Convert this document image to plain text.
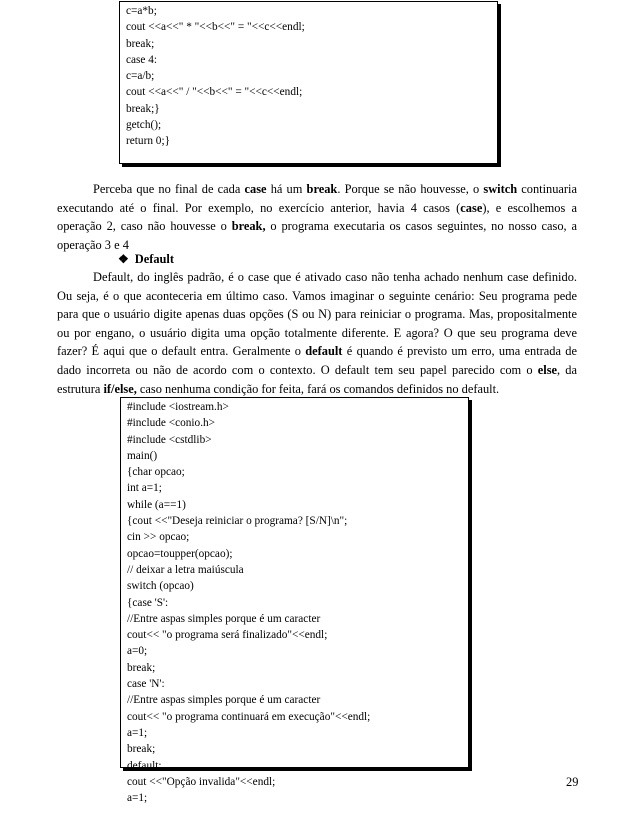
c=a*b;
cout <<a<<" * "<<b<<" = "<<c<<endl;
break;
case 4:
c=a/b;
cout <<a<<" / "<<b<<" = "<<c<<endl;
break;}
getch();
return 0;}

Perceba que no final de cada case há um break. Porque se não houvesse, o switch continuaria executando até o final. Por exemplo, no exercício anterior, havia 4 casos (case), e escolhemos a operação 2, caso não houvesse o break, o programa executaria os casos seguintes, no nosso caso, a operação 3 e 4

❖ Default

Default, do inglês padrão, é o case que é ativado caso não tenha achado nenhum case definido. Ou seja, é o que aconteceria em último caso. Vamos imaginar o seguinte cenário: Seu programa pede para que o usuário digite apenas duas opções (S ou N) para reiniciar o programa. Mas, propositalmente ou por engano, o usuário digita uma opção totalmente diferente. E agora? O que seu programa deve fazer? É aqui que o default entra. Geralmente o default é quando é previsto um erro, uma entrada de dado incorreta ou não de acordo com o contexto. O default tem seu papel parecido com o else, da estrutura if/else, caso nenhuma condição for feita, fará os comandos definidos no default.

#include <iostream.h>
#include <conio.h>
#include <cstdlib>
main()
{char opcao;
int a=1;
while (a==1)
{cout <<"Deseja reiniciar o programa? [S/N]\n";
cin >> opcao;
opcao=toupper(opcao);
// deixar a letra maiúscula
switch (opcao)
{case 'S':
//Entre aspas simples porque é um caracter
cout<< "o programa será finalizado"<<endl;
a=0;
break;
case 'N':
//Entre aspas simples porque é um caracter
cout<< "o programa continuará em execução"<<endl;
a=1;
break;
default:
cout <<"Opção invalida"<<endl;
a=1;
29
